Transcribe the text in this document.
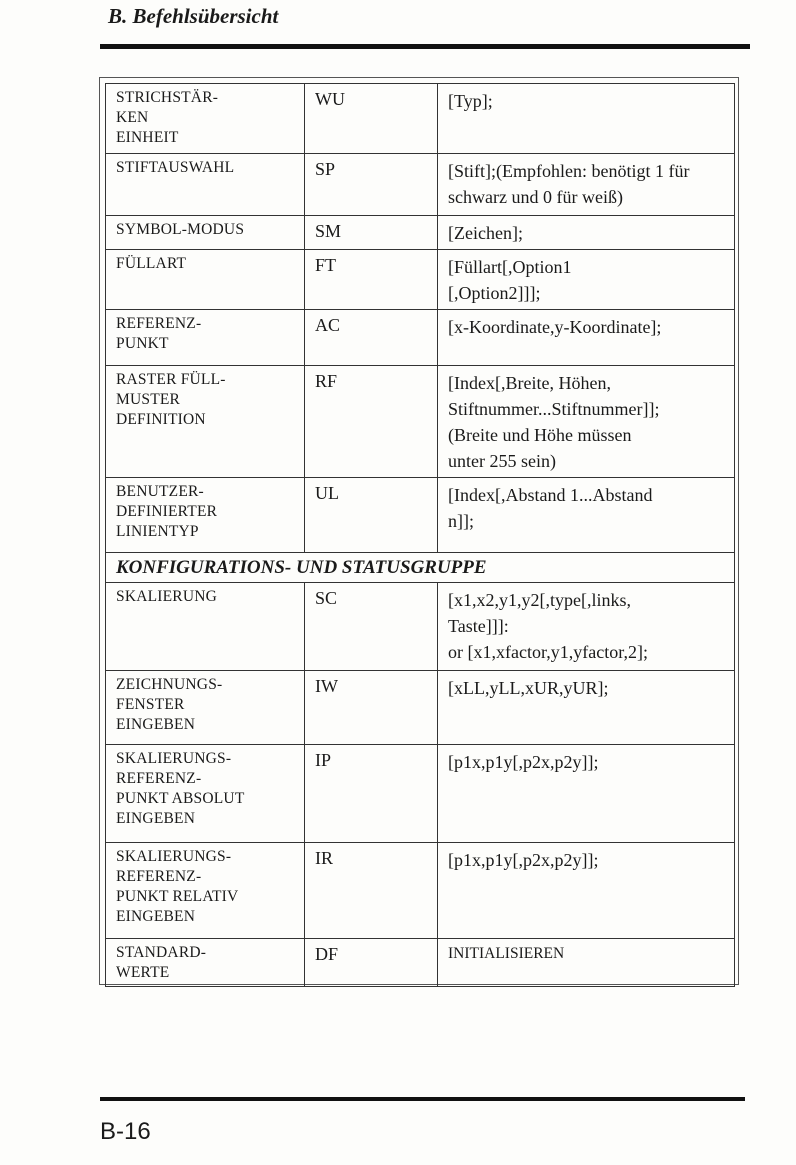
B. Befehlsübersicht
STRICHSTÄR-
KEN
EINHEIT	WU	[Typ];
STIFTAUSWAHL	SP	[Stift];(Empfohlen: benötigt 1 für schwarz und 0 für weiß)
SYMBOL-MODUS	SM	[Zeichen];
FÜLLART	FT	[Füllart[,Option1
[,Option2]]];
REFERENZ-
PUNKT	AC	[x-Koordinate,y-Koordinate];
RASTER FÜLL-
MUSTER
DEFINITION	RF	[Index[,Breite, Höhen,
Stiftnummer...Stiftnummer]];
(Breite und Höhe müssen
unter 255 sein)
BENUTZER-
DEFINIERTER
LINIENTYP	UL	[Index[,Abstand 1...Abstand
n]];
KONFIGURATIONS- UND STATUSGRUPPE		
SKALIERUNG	SC	[x1,x2,y1,y2[,type[,links,
Taste]]]:
or [x1,xfactor,y1,yfactor,2];
ZEICHNUNGS-
FENSTER
EINGEBEN	IW	[xLL,yLL,xUR,yUR];
SKALIERUNGS-
REFERENZ-
PUNKT ABSOLUT
EINGEBEN	IP	[p1x,p1y[,p2x,p2y]];
SKALIERUNGS-
REFERENZ-
PUNKT RELATIV
EINGEBEN	IR	[p1x,p1y[,p2x,p2y]];
STANDARD-
WERTE	DF	INITIALISIEREN
B-16
